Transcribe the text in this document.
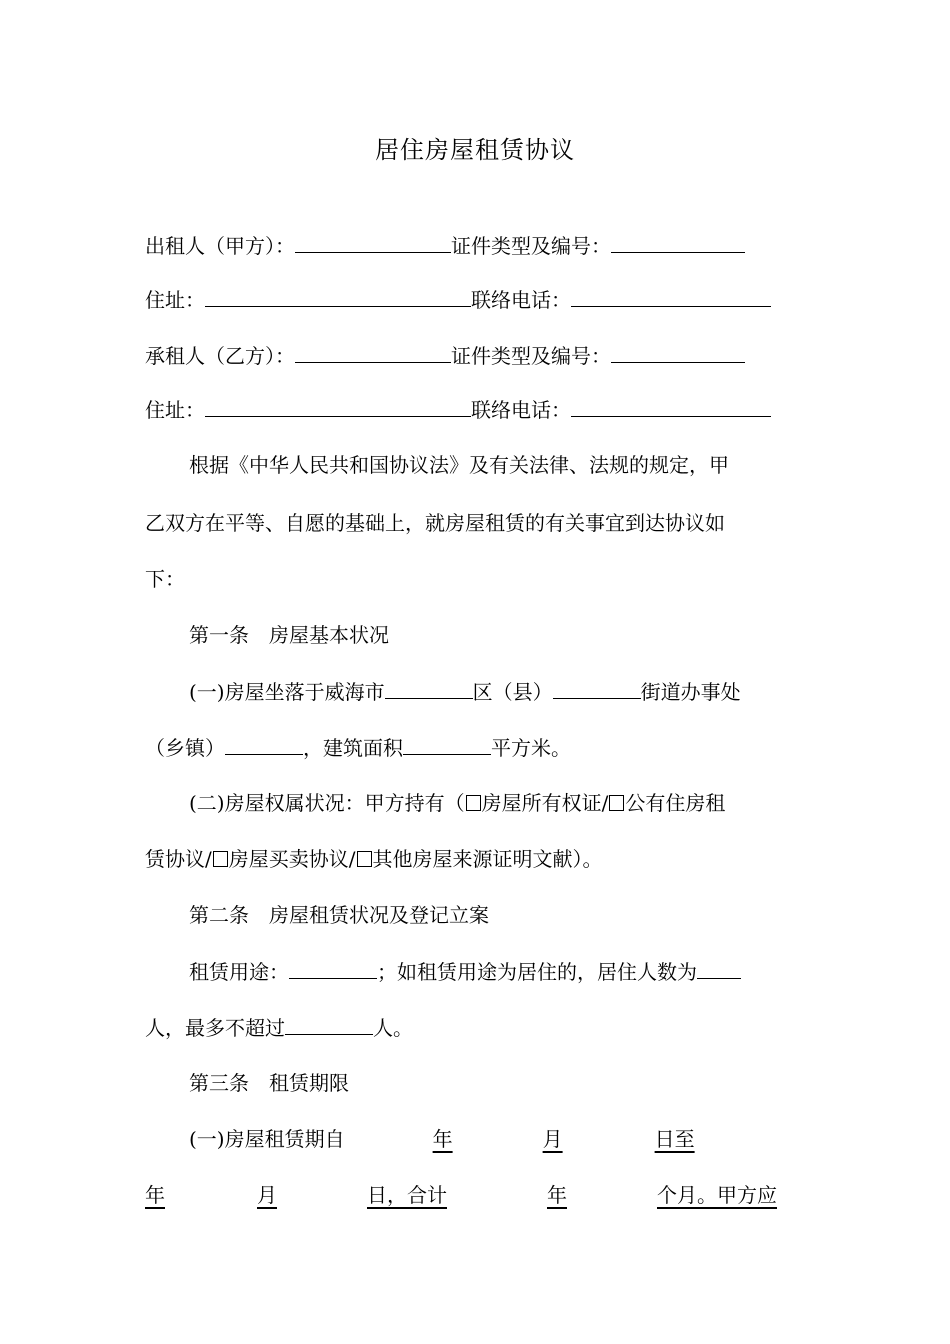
居住房屋租赁协议
出租人（甲方）：	证件类型及编号：
住址：	联络电话：
承租人（乙方）：	证件类型及编号：
住址：	联络电话：
根据《中华人民共和国协议法》及有关法律、法规的规定，甲
乙双方在平等、自愿的基础上，就房屋租赁的有关事宜到达协议如
下：
第一条　房屋基本状况
(一)房屋坐落于威海市	区（县）	街道办事处
（乡镇）	，建筑面积	平方米。
(二)房屋权属状况：甲方持有（ 房屋所有权证/ 公有住房租
赁协议/ 房屋买卖协议/ 其他房屋来源证明文献）。
第二条　房屋租赁状况及登记立案
租赁用途：	；如租赁用途为居住的，居住人数为
人，最多不超过	人。
第三条　租赁期限
(一)房屋租赁期自	年	月	日至
年	月	日，合计	年	个月。甲方应
